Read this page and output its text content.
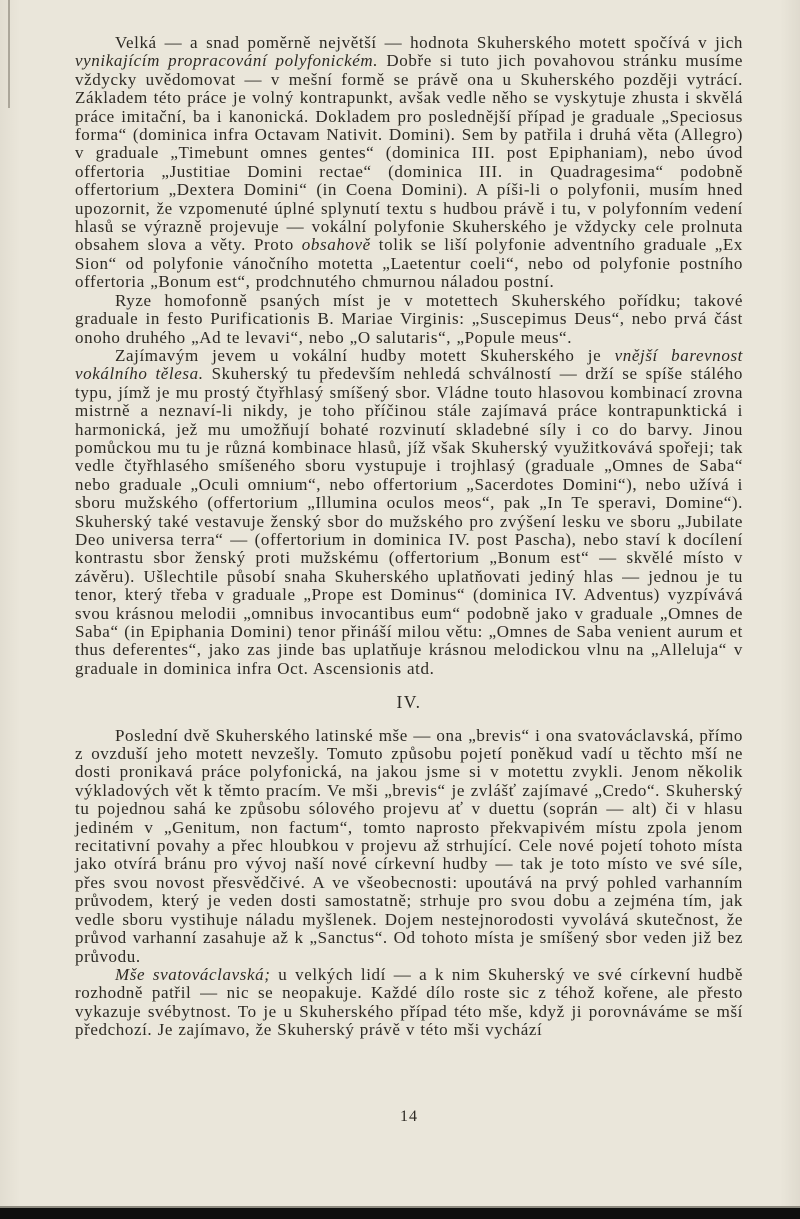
Velká — a snad poměrně největší — hodnota Skuherského motett spočívá v jich vynikajícím propracování polyfonickém. Dobře si tuto jich povahovou stránku musíme vždycky uvědomovat — v mešní formě se právě ona u Skuherského později vytrácí. Základem této práce je volný kontrapunkt, avšak vedle něho se vyskytuje zhusta i skvělá práce imitační, ba i kanonická. Dokladem pro poslednější případ je graduale „Speciosus forma“ (dominica infra Octavam Nativit. Domini). Sem by patřila i druhá věta (Allegro) v graduale „Timebunt omnes gentes“ (dominica III. post Epiphaniam), nebo úvod offertoria „Justitiae Domini rectae“ (dominica III. in Quadragesima“ podobně offertorium „Dextera Domini“ (in Coena Domini). A píši-li o polyfonii, musím hned upozornit, že vzpomenuté úplné splynutí textu s hudbou právě i tu, v polyfonním vedení hlasů se výrazně projevuje — vokální polyfonie Skuherského je vždycky cele prolnuta obsahem slova a věty. Proto obsahově tolik se liší polyfonie adventního graduale „Ex Sion“ od polyfonie vánočního motetta „Laetentur coeli“, nebo od polyfonie postního offertoria „Bonum est“, prodchnutého chmurnou náladou postní.

Ryze homofonně psaných míst je v motettech Skuherského pořídku; takové graduale in festo Purificationis B. Mariae Virginis: „Suscepimus Deus“, nebo prvá část onoho druhého „Ad te levavi“, nebo „O salutaris“, „Popule meus“.

Zajímavým jevem u vokální hudby motett Skuherského je vnější barevnost vokálního tělesa. Skuherský tu především nehledá schválností — drží se spíše stálého typu, jímž je mu prostý čtyřhlasý smíšený sbor. Vládne touto hlasovou kombinací zrovna mistrně a neznaví-li nikdy, je toho příčinou stále zajímavá práce kontrapunktická i harmonická, jež mu umožňují bohaté rozvinutí skladebné síly i co do barvy. Jinou pomůckou mu tu je různá kombinace hlasů, jíž však Skuherský využitkovává spořeji; tak vedle čtyřhlasého smíšeného sboru vystupuje i trojhlasý (graduale „Omnes de Saba“ nebo graduale „Oculi omnium“, nebo offertorium „Sacerdotes Domini“), nebo užívá i sboru mužského (offertorium „Illumina oculos meos“, pak „In Te speravi, Domine“). Skuherský také vestavuje ženský sbor do mužského pro zvýšení lesku ve sboru „Jubilate Deo universa terra“ — (offertorium in dominica IV. post Pascha), nebo staví k docílení kontrastu sbor ženský proti mužskému (offertorium „Bonum est“ — skvělé místo v závěru). Ušlechtile působí snaha Skuherského uplatňovati jediný hlas — jednou je tu tenor, který třeba v graduale „Prope est Dominus“ (dominica IV. Adventus) vyzpívává svou krásnou melodii „omnibus invocantibus eum“ podobně jako v graduale „Omnes de Saba“ (in Epiphania Domini) tenor přináší milou větu: „Omnes de Saba venient aurum et thus deferentes“, jako zas jinde bas uplatňuje krásnou melodickou vlnu na „Alleluja“ v graduale in dominica infra Oct. Ascensionis atd.

IV.

Poslední dvě Skuherského latinské mše — ona „brevis“ i ona svatováclavská, přímo z ovzduší jeho motett nevzešly. Tomuto způsobu pojetí poněkud vadí u těchto mší ne dosti pronikavá práce polyfonická, na jakou jsme si v motettu zvykli. Jenom několik výkladových vět k těmto pracím. Ve mši „brevis“ je zvlášť zajímavé „Credo“. Skuherský tu pojednou sahá ke způsobu sólového projevu ať v duettu (soprán — alt) či v hlasu jediném v „Genitum, non factum“, tomto naprosto překvapivém místu zpola jenom recitativní povahy a přec hloubkou v projevu až strhující. Cele nové pojetí tohoto místa jako otvírá bránu pro vývoj naší nové církevní hudby — tak je toto místo ve své síle, přes svou novost přesvědčivé. A ve všeobecnosti: upoutává na prvý pohled varhanním průvodem, který je veden dosti samostatně; strhuje pro svou dobu a zejména tím, jak vedle sboru vystihuje náladu myšlenek. Dojem nestejnorodosti vyvolává skutečnost, že průvod varhanní zasahuje až k „Sanctus“. Od tohoto místa je smíšený sbor veden již bez průvodu.

Mše svatováclavská; u velkých lidí — a k nim Skuherský ve své církevní hudbě rozhodně patřil — nic se neopakuje. Každé dílo roste sic z téhož kořene, ale přesto vykazuje svébytnost. To je u Skuherského případ této mše, když ji porovnáváme se mší předchozí. Je zajímavo, že Skuherský právě v této mši vychází

14
